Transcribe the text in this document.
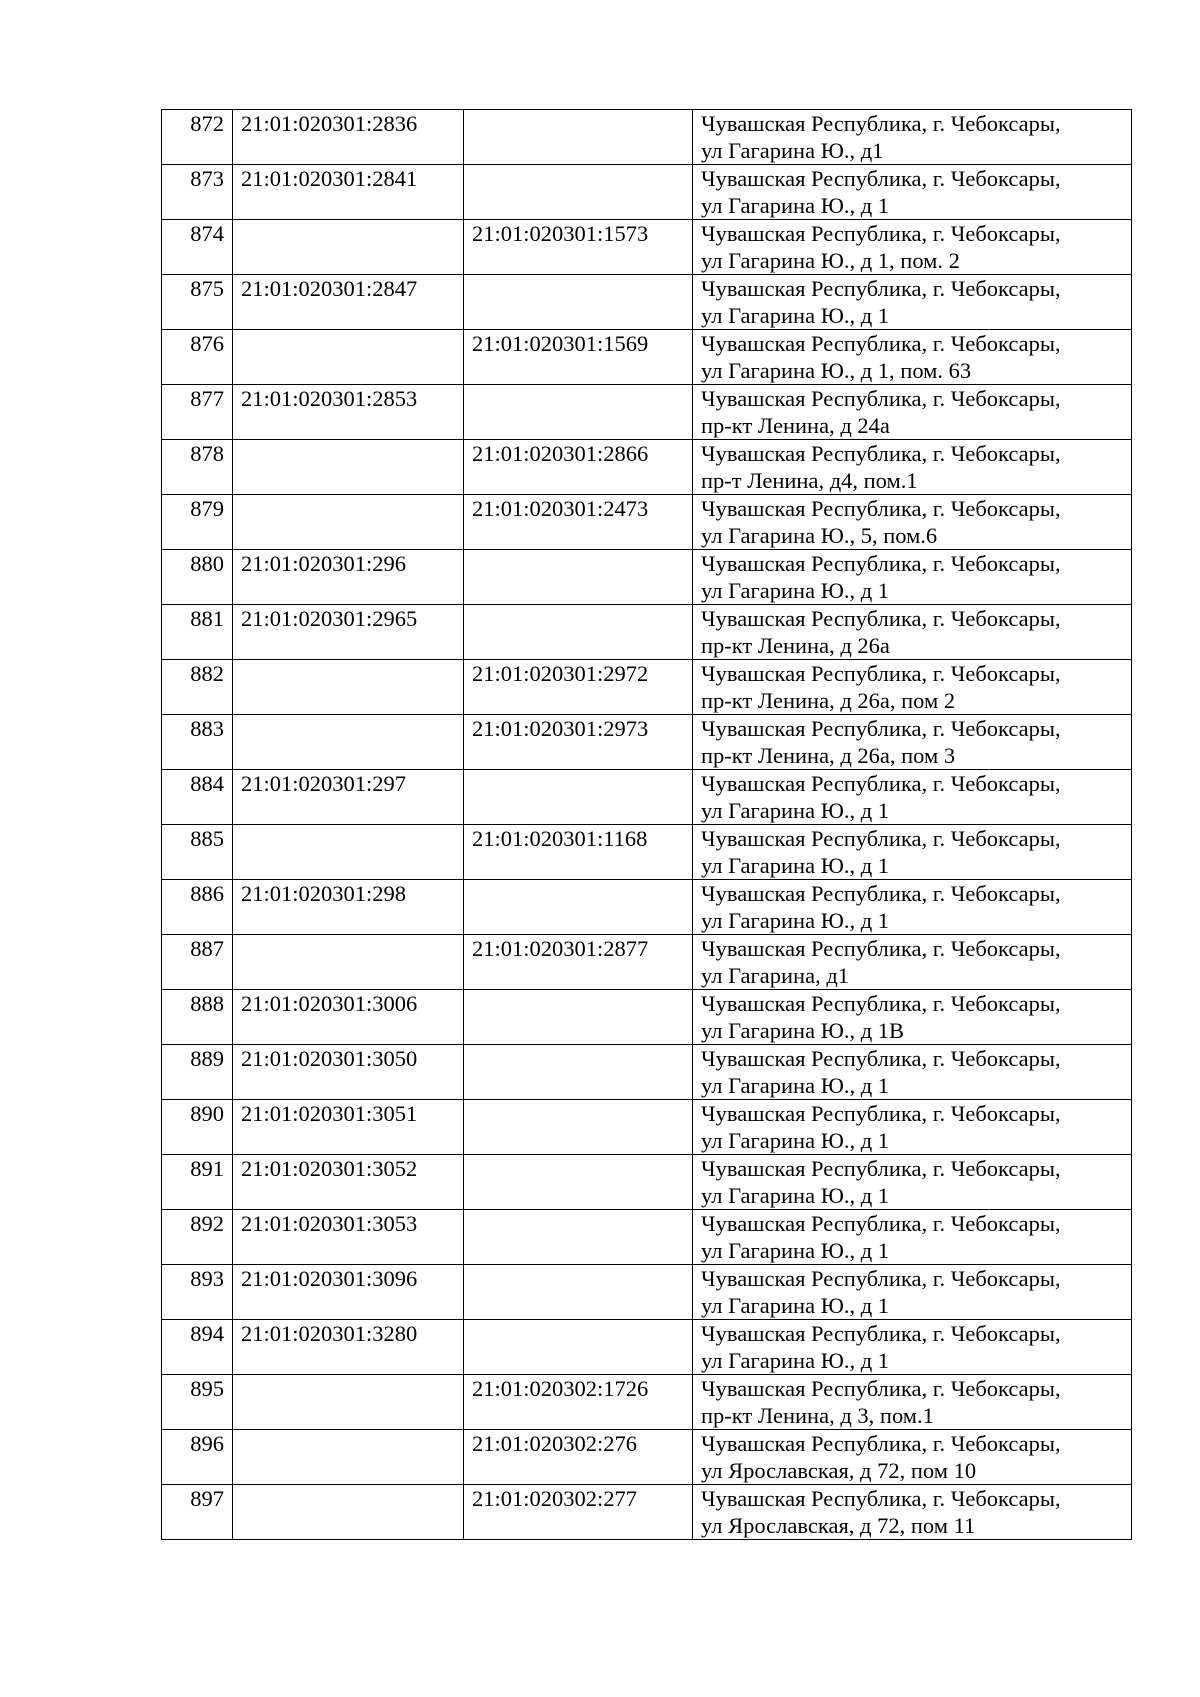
872	21:01:020301:2836		Чувашская Республика, г. Чебоксары,
ул Гагарина Ю., д1

873	21:01:020301:2841		Чувашская Республика, г. Чебоксары,
ул Гагарина Ю., д 1

874		21:01:020301:1573	Чувашская Республика, г. Чебоксары,
ул Гагарина Ю., д 1, пом. 2

875	21:01:020301:2847		Чувашская Республика, г. Чебоксары,
ул Гагарина Ю., д 1

876		21:01:020301:1569	Чувашская Республика, г. Чебоксары,
ул Гагарина Ю., д 1, пом. 63

877	21:01:020301:2853		Чувашская Республика, г. Чебоксары,
пр-кт Ленина, д 24а

878		21:01:020301:2866	Чувашская Республика, г. Чебоксары,
пр-т Ленина, д4, пом.1

879		21:01:020301:2473	Чувашская Республика, г. Чебоксары,
ул Гагарина Ю., 5, пом.6

880	21:01:020301:296		Чувашская Республика, г. Чебоксары,
ул Гагарина Ю., д 1

881	21:01:020301:2965		Чувашская Республика, г. Чебоксары,
пр-кт Ленина, д 26а

882		21:01:020301:2972	Чувашская Республика, г. Чебоксары,
пр-кт Ленина, д 26а, пом 2

883		21:01:020301:2973	Чувашская Республика, г. Чебоксары,
пр-кт Ленина, д 26а, пом 3

884	21:01:020301:297		Чувашская Республика, г. Чебоксары,
ул Гагарина Ю., д 1

885		21:01:020301:1168	Чувашская Республика, г. Чебоксары,
ул Гагарина Ю., д 1

886	21:01:020301:298		Чувашская Республика, г. Чебоксары,
ул Гагарина Ю., д 1

887		21:01:020301:2877	Чувашская Республика, г. Чебоксары,
ул Гагарина, д1

888	21:01:020301:3006		Чувашская Республика, г. Чебоксары,
ул Гагарина Ю., д 1В

889	21:01:020301:3050		Чувашская Республика, г. Чебоксары,
ул Гагарина Ю., д 1

890	21:01:020301:3051		Чувашская Республика, г. Чебоксары,
ул Гагарина Ю., д 1

891	21:01:020301:3052		Чувашская Республика, г. Чебоксары,
ул Гагарина Ю., д 1

892	21:01:020301:3053		Чувашская Республика, г. Чебоксары,
ул Гагарина Ю., д 1

893	21:01:020301:3096		Чувашская Республика, г. Чебоксары,
ул Гагарина Ю., д 1

894	21:01:020301:3280		Чувашская Республика, г. Чебоксары,
ул Гагарина Ю., д 1

895		21:01:020302:1726	Чувашская Республика, г. Чебоксары,
пр-кт Ленина, д 3, пом.1

896		21:01:020302:276	Чувашская Республика, г. Чебоксары,
ул Ярославская, д 72, пом 10

897		21:01:020302:277	Чувашская Республика, г. Чебоксары,
ул Ярославская, д 72, пом 11
